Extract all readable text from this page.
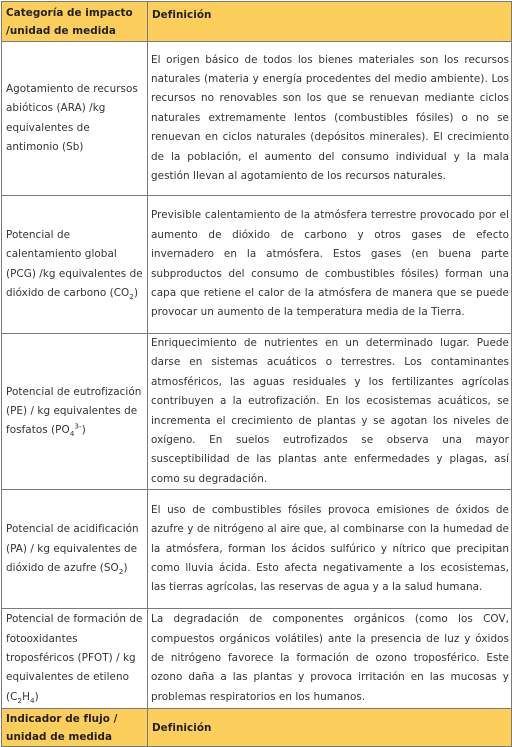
Categoría de impacto /unidad de medida	Definición
Agotamiento de recursos abióticos (ARA) /kg equivalentes de antimonio (Sb)	El origen básico de todos los bienes materiales son los recursos naturales (materia y energía procedentes del medio ambiente). Los recursos no renovables son los que se renuevan mediante ciclos naturales extremamente lentos (combustibles fósiles) o no se renuevan en ciclos naturales (depósitos minerales). El crecimiento de la población, el aumento del consumo individual y la mala gestión llevan al agotamiento de los recursos naturales.
Potencial de calentamiento global (PCG) /kg equivalentes de dióxido de carbono $(CO_2)$	Previsible calentamiento de la atmósfera terrestre provocado por el aumento de dióxido de carbono y otros gases de efecto invernadero en la atmósfera. Estos gases (en buena parte subproductos del consumo de combustibles fósiles) forman una capa que retiene el calor de la atmósfera de manera que se puede provocar un aumento de la temperatura media de la Tierra.
Potencial de eutrofización (PE) / kg equivalentes de fosfatos $(PO_4^{3-})$	Enriquecimiento de nutrientes en un determinado lugar. Puede darse en sistemas acuáticos o terrestres. Los contaminantes atmosféricos, las aguas residuales y los fertilizantes agrícolas contribuyen a la eutrofización. En los ecosistemas acuáticos, se incrementa el crecimiento de plantas y se agotan los niveles de oxígeno. En suelos eutrofizados se observa una mayor susceptibilidad de las plantas ante enfermedades y plagas, así como su degradación.
Potencial de acidificación (PA) / kg equivalentes de dióxido de azufre $(SO_2)$	El uso de combustibles fósiles provoca emisiones de óxidos de azufre y de nitrógeno al aire que, al combinarse con la humedad de la atmósfera, forman los ácidos sulfúrico y nítrico que precipitan como lluvia ácida. Esto afecta negativamente a los ecosistemas, las tierras agrícolas, las reservas de agua y a la salud humana.
Potencial de formación de fotooxidantes troposféricos (PFOT) / kg equivalentes de etileno $(C_2H_4)$	La degradación de componentes orgánicos (como los COV, compuestos orgánicos volátiles) ante la presencia de luz y óxidos de nitrógeno favorece la formación de ozono troposférico. Este ozono daña a las plantas y provoca irritación en las mucosas y problemas respiratorios en los humanos.
Indicador de flujo / unidad de medida	Definición
